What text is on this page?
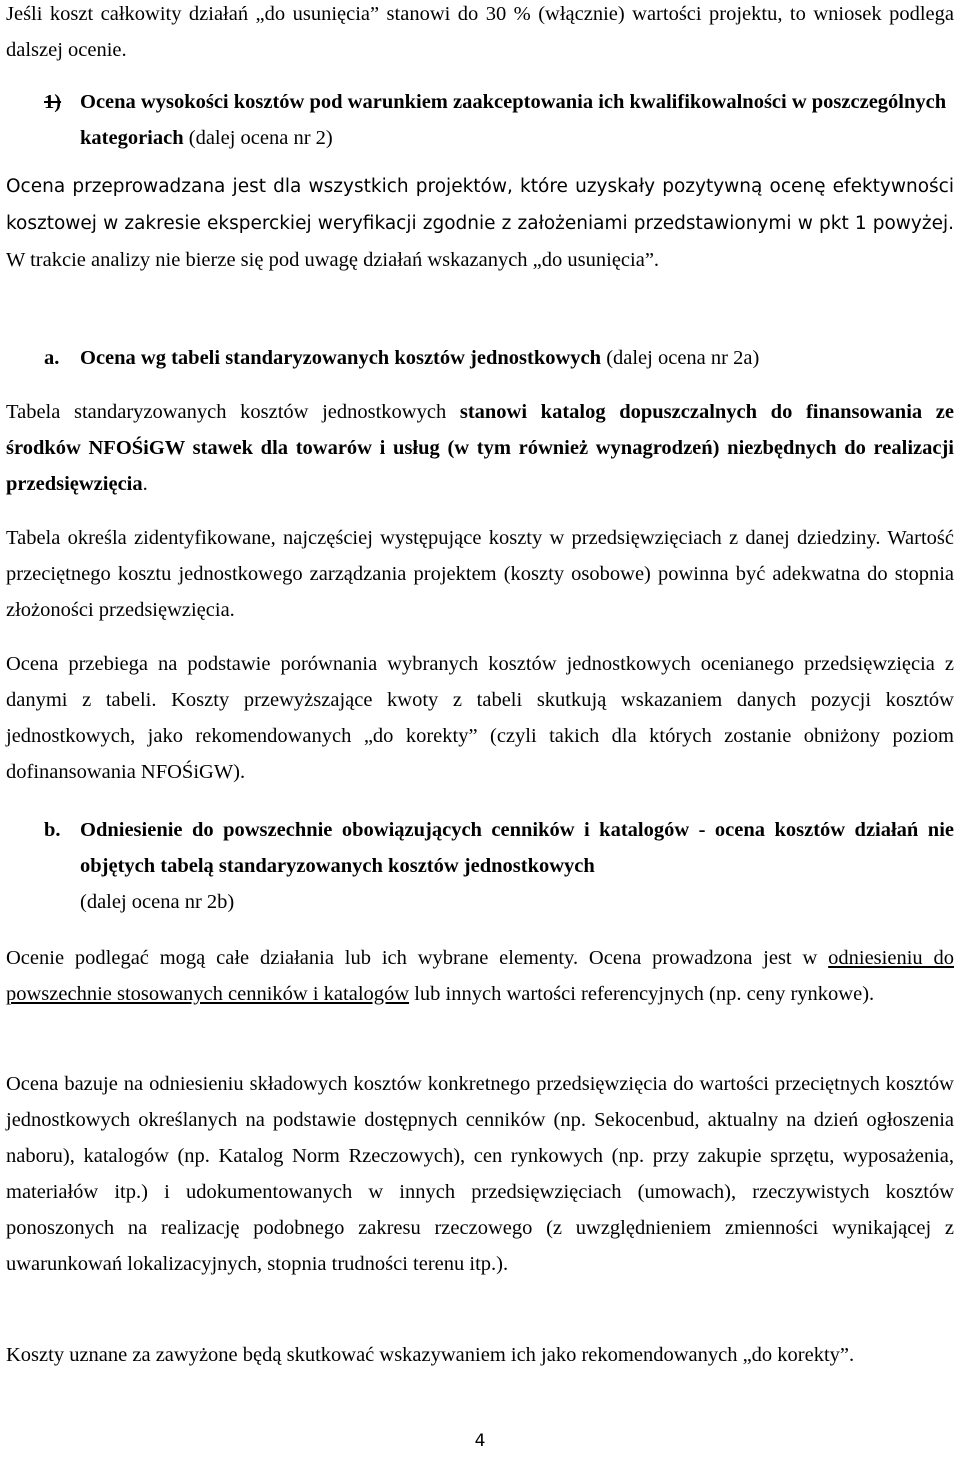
Jeśli koszt całkowity działań „do usunięcia” stanowi do 30 % (włącznie) wartości projektu, to wniosek podlega dalszej ocenie.

1) Ocena wysokości kosztów pod warunkiem zaakceptowania ich kwalifikowalności w poszczególnych kategoriach (dalej ocena nr 2)

Ocena przeprowadzana jest dla wszystkich projektów, które uzyskały pozytywną ocenę efektywności kosztowej w zakresie eksperckiej weryfikacji zgodnie z założeniami przedstawionymi w pkt 1 powyżej. W trakcie analizy nie bierze się pod uwagę działań wskazanych „do usunięcia”.

a. Ocena wg tabeli standaryzowanych kosztów jednostkowych (dalej ocena nr 2a)

Tabela standaryzowanych kosztów jednostkowych stanowi katalog dopuszczalnych do finansowania ze środków NFOŚiGW stawek dla towarów i usług (w tym również wynagrodzeń) niezbędnych do realizacji przedsięwzięcia.

Tabela określa zidentyfikowane, najczęściej występujące koszty w przedsięwzięciach z danej dziedziny. Wartość przeciętnego kosztu jednostkowego zarządzania projektem (koszty osobowe) powinna być adekwatna do stopnia złożoności przedsięwzięcia.

Ocena przebiega na podstawie porównania wybranych kosztów jednostkowych ocenianego przedsięwzięcia z danymi z tabeli. Koszty przewyższające kwoty z tabeli skutkują wskazaniem danych pozycji kosztów jednostkowych, jako rekomendowanych „do korekty” (czyli takich dla których zostanie obniżony poziom dofinansowania NFOŚiGW).

b. Odniesienie do powszechnie obowiązujących cenników i katalogów - ocena kosztów działań nie objętych tabelą standaryzowanych kosztów jednostkowych

(dalej ocena nr 2b)

Ocenie podlegać mogą całe działania lub ich wybrane elementy. Ocena prowadzona jest w odniesieniu do powszechnie stosowanych cenników i katalogów lub innych wartości referencyjnych (np. ceny rynkowe).

Ocena bazuje na odniesieniu składowych kosztów konkretnego przedsięwzięcia do wartości przeciętnych kosztów jednostkowych określanych na podstawie dostępnych cenników (np. Sekocenbud, aktualny na dzień ogłoszenia naboru), katalogów (np. Katalog Norm Rzeczowych), cen rynkowych (np. przy zakupie sprzętu, wyposażenia, materiałów itp.) i udokumentowanych w innych przedsięwzięciach (umowach), rzeczywistych kosztów ponoszonych na realizację podobnego zakresu rzeczowego (z uwzględnieniem zmienności wynikającej z uwarunkowań lokalizacyjnych, stopnia trudności terenu itp.).

Koszty uznane za zawyżone będą skutkować wskazywaniem ich jako rekomendowanych „do korekty”.

4
